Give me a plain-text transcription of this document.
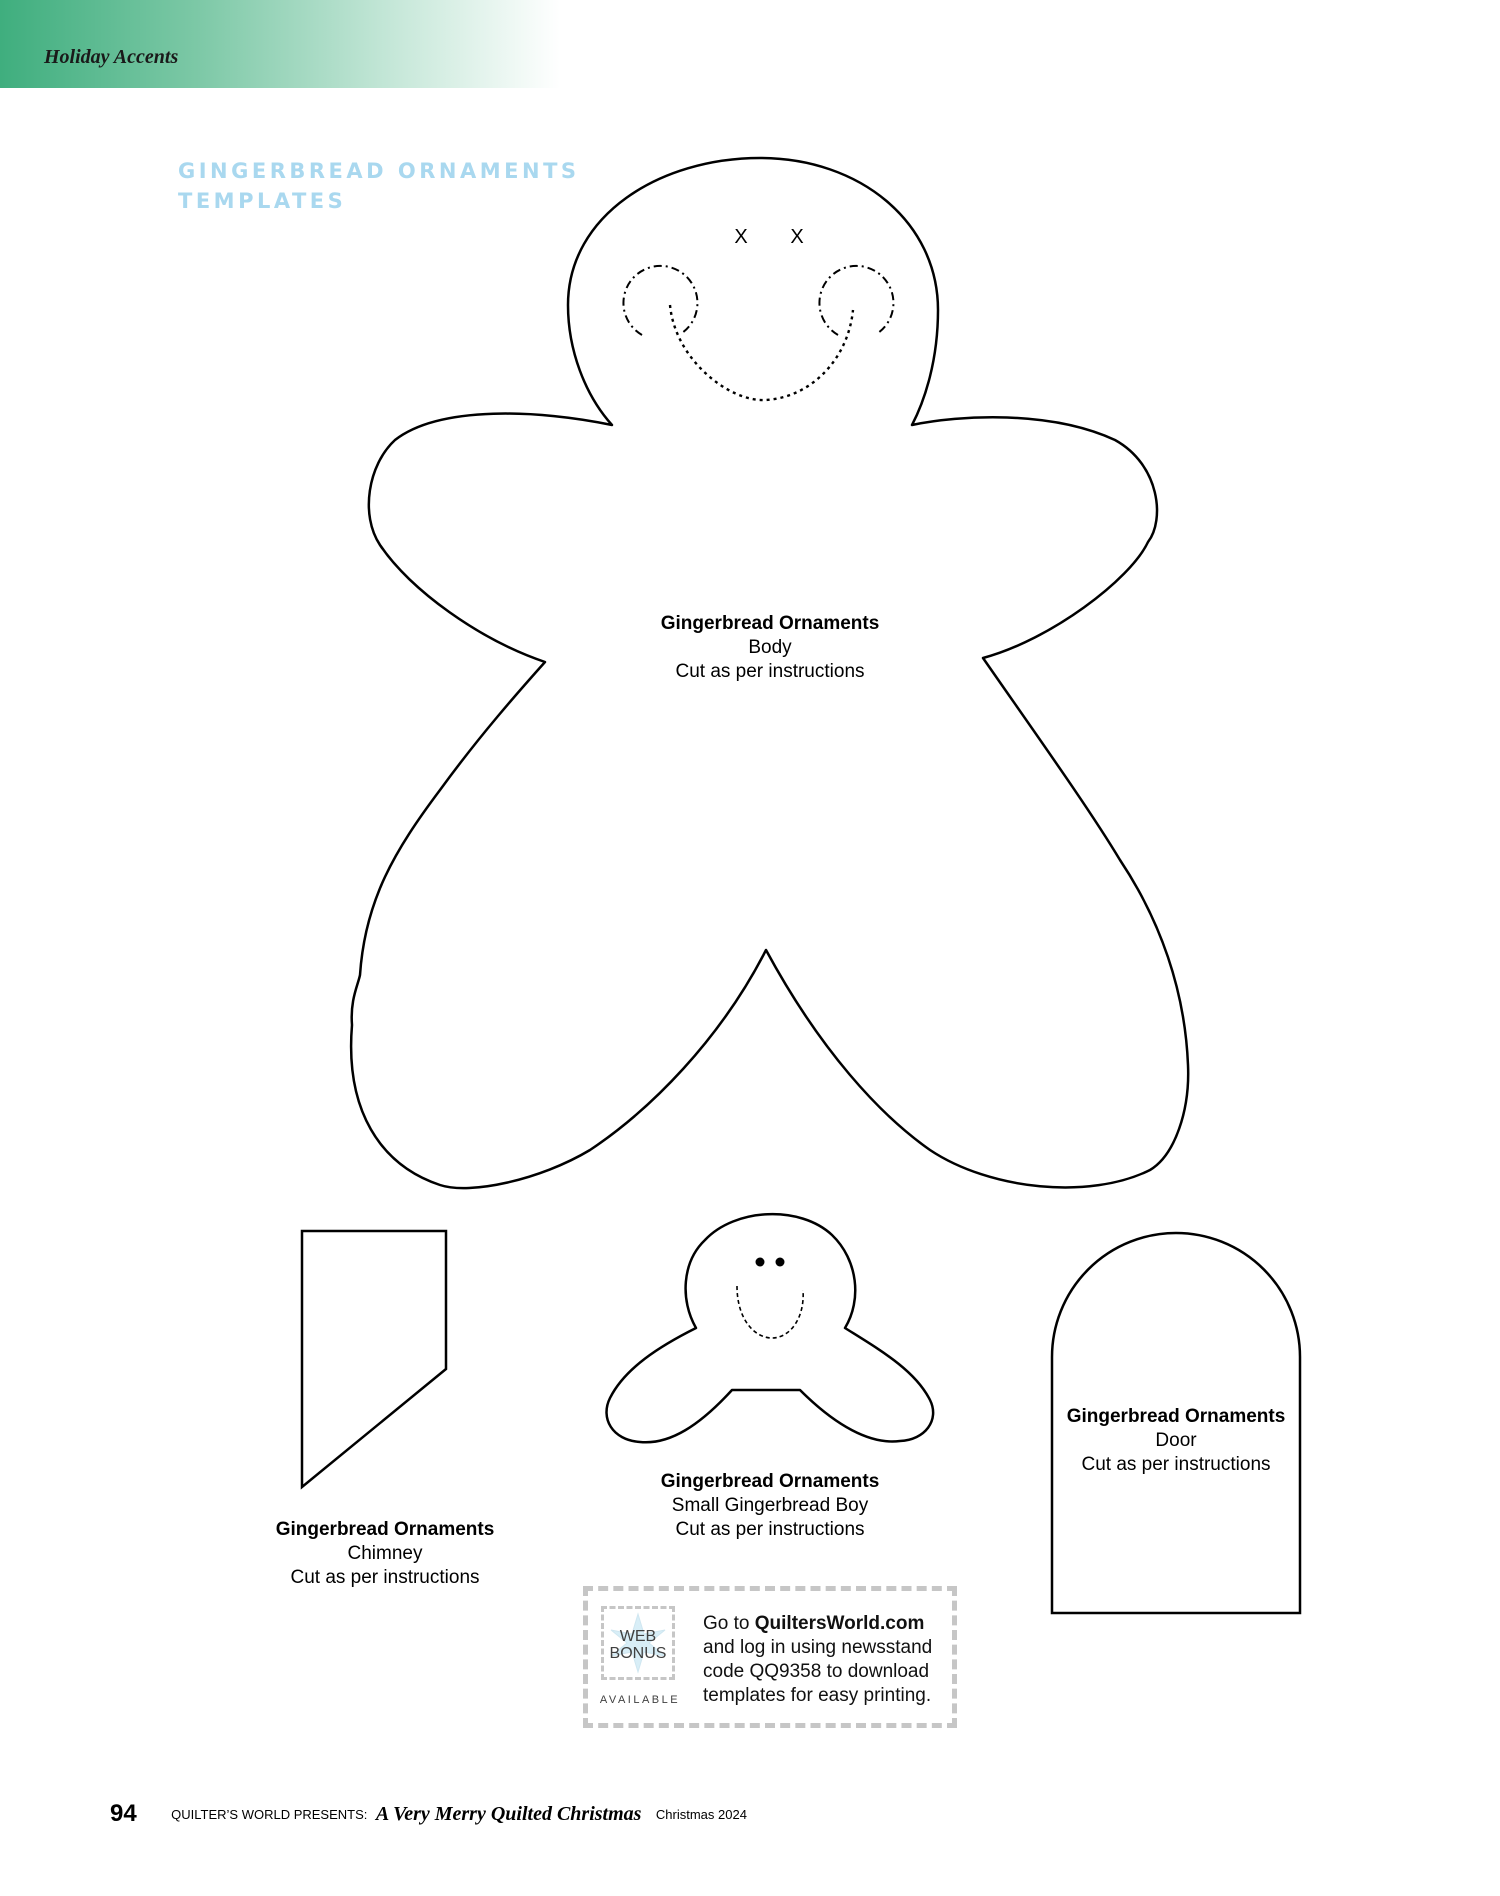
Holiday Accents
GINGERBREAD ORNAMENTS
TEMPLATES
X X
Gingerbread Ornaments
Body
Cut as per instructions
Gingerbread Ornaments
Chimney
Cut as per instructions
Gingerbread Ornaments
Small Gingerbread Boy
Cut as per instructions
Gingerbread Ornaments
Door
Cut as per instructions
WEB
BONUS
AVAILABLE
Go to QuiltersWorld.com and log in using newsstand code QQ9358 to download templates for easy printing.
94	QUILTER’S WORLD PRESENTS: A Very Merry Quilted Christmas Christmas 2024
